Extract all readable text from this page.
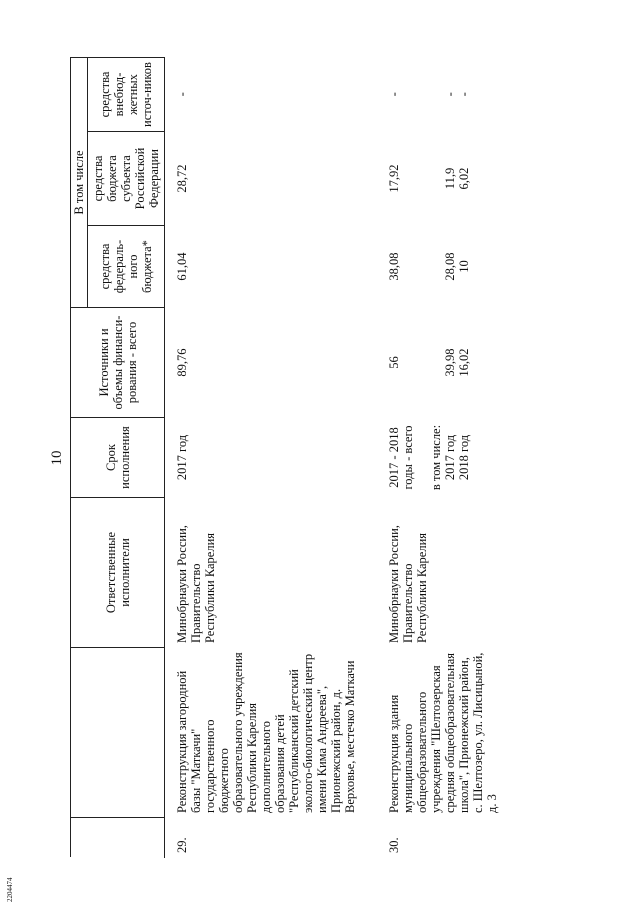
10
		Ответственные исполнители	Срок исполнения	Источники и объемы финанси-рования - всего	В том числе		
					средства федераль-ного бюджета*	средства бюджета субъекта Российской Федерации	средства внебюд-жетных источ-ников
29.	Реконструкция загородной базы "Маткачи" государственного бюджетного образовательного учреждения Республики Карелия дополнительного образования детей "Республиканский детский эколого-биологический центр имени Кима Андреева", Прионежский район, д. Верховье, местечко Маткачи	Минобрнауки России, Правительство Республики Карелия	2017 год	89,76	61,04	28,72	-

30.	Реконструкция здания муниципального общеобразовательного учреждения "Шелтозерская средняя общеобразовательная школа", Прионежский район, с. Шелтозеро, ул. Лисицыной, д. 3	Минобрнауки России, Правительство Республики Карелия	2017 - 2018 годы - всего в том числе: 2017 год 2018 год	56 39,98 16,02	38,08 28,08 10	17,92 11,9 6,02	- - -
2204474
